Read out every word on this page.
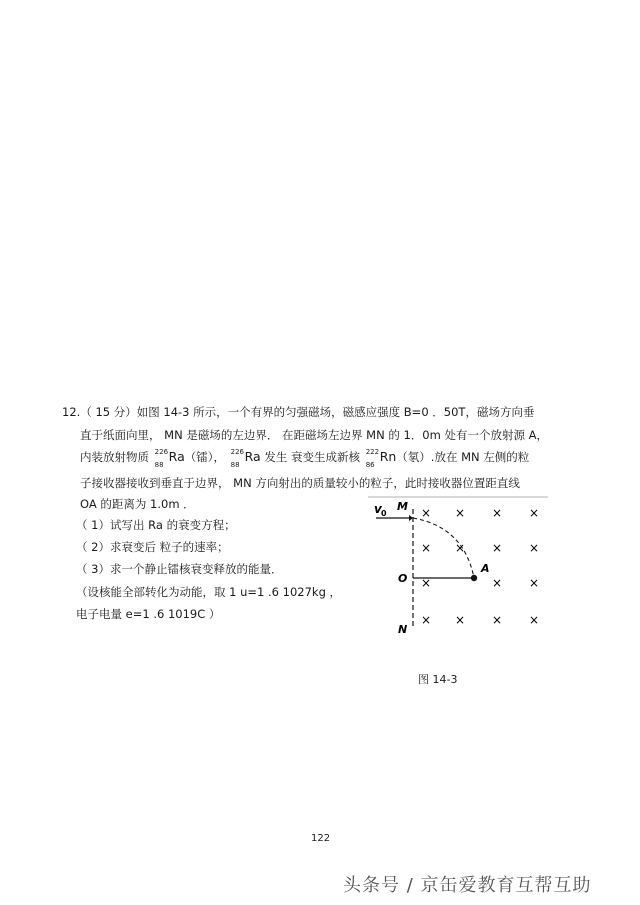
12.（ 15 分）如图 14-3 所示，一个有界的匀强磁场，磁感应强度 B=0 ．50T，磁场方向垂
直于纸面向里， MN 是磁场的左边界． 在距磁场左边界 MN 的 1．0m 处有一个放射源 A，
内装放射物质 226
88
Ra（镭）， 226
88
Ra 发生 衰变生成新核 222
86
Rn（氡）.放在 MN 左侧的粒
子接收器接收到垂直于边界， MN 方向射出的质量较小的粒子，此时接收器位置距直线
OA 的距离为 1.0m ．
（ 1）试写出 Ra 的衰变方程；
（ 2）求衰变后 粒子的速率；
（ 3）求一个静止镭核衰变释放的能量．
（设核能全部转化为动能，取 1 u=1 .6 1027kg ，
电子电量 e=1 .6 1019C ）
v 0
M
O
N
A
× × × ×
× × × ×
×	× ×
× × × ×
图 14-3
122
头条号 / 京缶爱教育互帮互助
